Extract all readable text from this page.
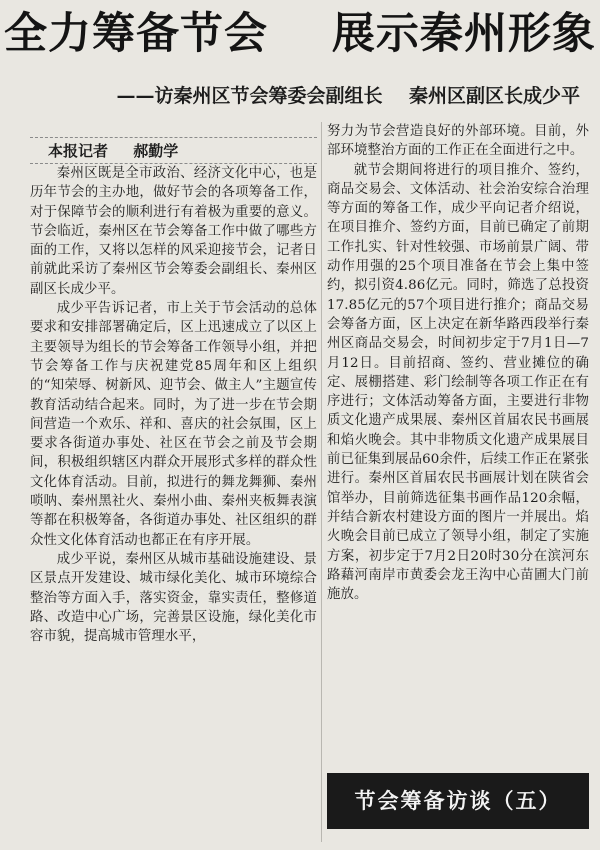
全力筹备节会    展示秦州形象
——访秦州区节会筹委会副组长    秦州区副区长成少平
本报记者 郝勤学

秦州区既是全市政治、经济文化中心，也是历年节会的主办地，做好节会的各项筹备工作，对于保障节会的顺利进行有着极为重要的意义。节会临近，秦州区在节会筹备工作中做了哪些方面的工作，又将以怎样的风采迎接节会，记者日前就此采访了秦州区节会筹委会副组长、秦州区副区长成少平。

成少平告诉记者，市上关于节会活动的总体要求和安排部署确定后，区上迅速成立了以区上主要领导为组长的节会筹备工作领导小组，并把节会筹备工作与庆祝建党85周年和区上组织的“知荣辱、树新风、迎节会、做主人”主题宣传教育活动结合起来。同时，为了进一步在节会期间营造一个欢乐、祥和、喜庆的社会氛围，区上要求各街道办事处、社区在节会之前及节会期间，积极组织辖区内群众开展形式多样的群众性文化体育活动。目前，拟进行的舞龙舞狮、秦州唢呐、秦州黑社火、秦州小曲、秦州夹板舞表演等都在积极筹备，各街道办事处、社区组织的群众性文化体育活动也都正在有序开展。

成少平说，秦州区从城市基础设施建设、景区景点开发建设、城市绿化美化、城市环境综合整治等方面入手，落实资金，靠实责任，整修道路、改造中心广场，完善景区设施，绿化美化市容市貌，提高城市管理水平，

努力为节会营造良好的外部环境。目前，外部环境整治方面的工作正在全面进行之中。

就节会期间将进行的项目推介、签约，商品交易会、文体活动、社会治安综合治理等方面的筹备工作，成少平向记者介绍说，在项目推介、签约方面，目前已确定了前期工作扎实、针对性较强、市场前景广阔、带动作用强的25个项目准备在节会上集中签约，拟引资4.86亿元。同时，筛选了总投资17.85亿元的57个项目进行推介；商品交易会筹备方面，区上决定在新华路西段举行秦州区商品交易会，时间初步定于7月1日—7月12日。目前招商、签约、营业摊位的确定、展棚搭建、彩门绘制等各项工作正在有序进行；文体活动筹备方面，主要进行非物质文化遗产成果展、秦州区首届农民书画展和焰火晚会。其中非物质文化遗产成果展目前已征集到展品60余件，后续工作正在紧张进行。秦州区首届农民书画展计划在陕省会馆举办，目前筛选征集书画作品120余幅，并结合新农村建设方面的图片一并展出。焰火晚会目前已成立了领导小组，制定了实施方案，初步定于7月2日20时30分在滨河东路藉河南岸市黄委会龙王沟中心苗圃大门前施放。

节会筹备访谈（五）
